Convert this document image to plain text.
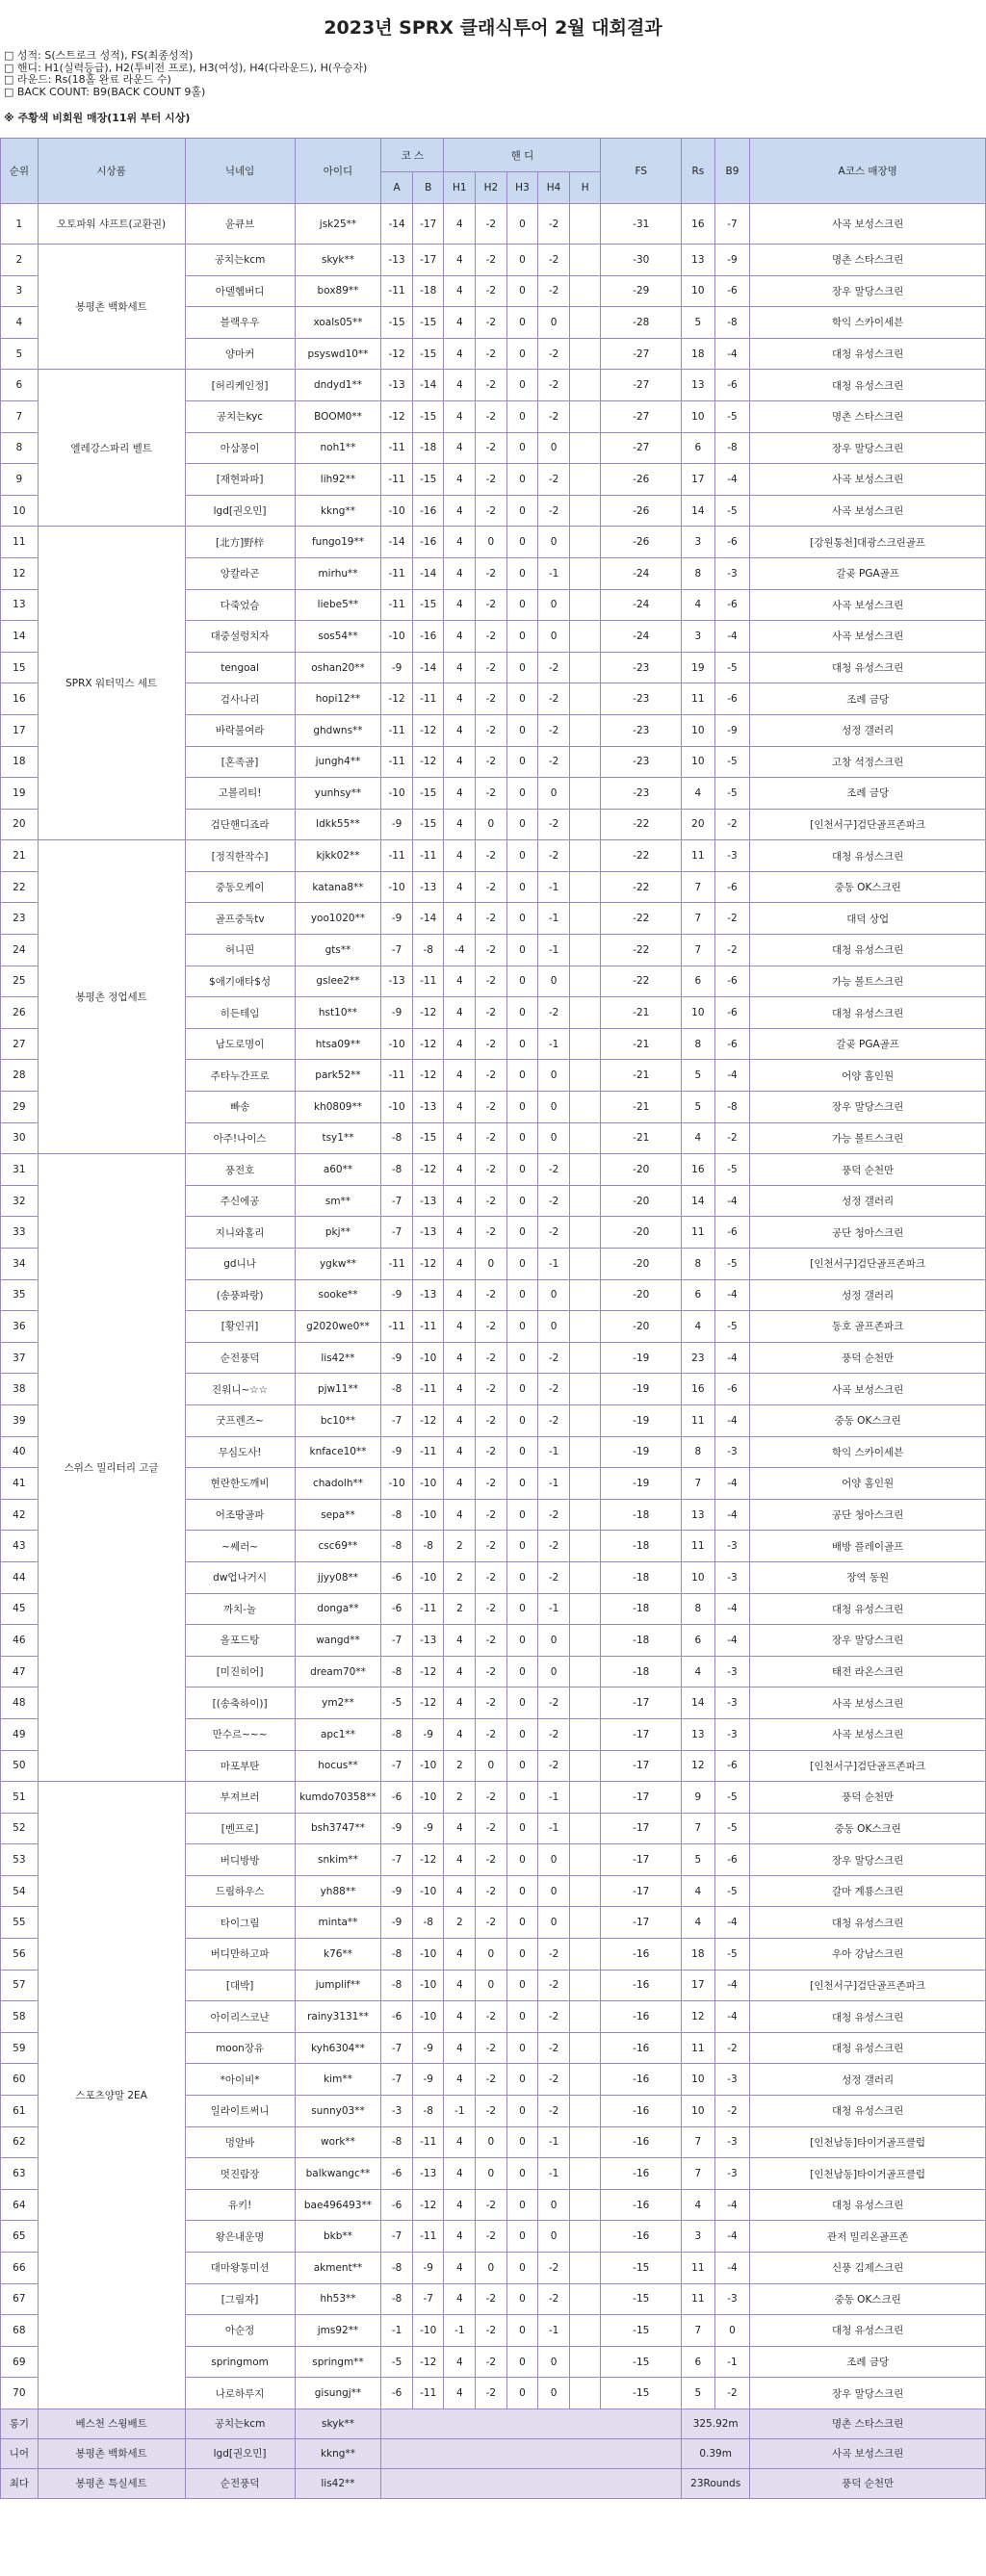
2023년 SPRX 클래식투어 2월 대회결과
□ 성적: S(스트로크 성적), FS(최종성적)
□ 핸디: H1(실력등급), H2(투비전 프로), H3(여성), H4(다라운드), H(우승자)
□ 라운드: Rs(18홀 완료 라운드 수)
□ BACK COUNT: B9(BACK COUNT 9홀)
※ 주황색 비회원 매장(11위 부터 시상)
순위	시상품	닉네임	아이디	코 스		핸 디					FS	Rs	B9	A코스 매장명
				A	B	H1	H2	H3	H4	H				
1	오토파워 샤프트(교환권)	윤큐브	jsk25**	-14	-17	4	-2	0	-2		-31	16	-7	사곡 보성스크린
2	봉평촌 백화세트	공치는kcm	skyk**	-13	-17	4	-2	0	-2		-30	13	-9	명촌 스타스크린
3		아델헴버디	box89**	-11	-18	4	-2	0	-2		-29	10	-6	장우 말당스크린
4		블랙우우	xoals05**	-15	-15	4	-2	0	0		-28	5	-8	학익 스카이세븐
5		양마커	psyswd10**	-12	-15	4	-2	0	-2		-27	18	-4	대청 유성스크린
6	엘레강스파리 벨트	[허리케인정]	dndyd1**	-13	-14	4	-2	0	-2		-27	13	-6	대청 유성스크린
7		공치는kyc	BOOM0**	-12	-15	4	-2	0	-2		-27	10	-5	명촌 스타스크린
8		아삼몽이	noh1**	-11	-18	4	-2	0	0		-27	6	-8	장우 말당스크린
9		[재현파파]	lih92**	-11	-15	4	-2	0	-2		-26	17	-4	사곡 보성스크린
10		lgd[권오민]	kkng**	-10	-16	4	-2	0	-2		-26	14	-5	사곡 보성스크린
11	SPRX 워터믹스 세트	[北方]野梓	fungo19**	-14	-16	4	0	0	0		-26	3	-6	[강원통천]대광스크린골프
12		앙칼라곤	mirhu**	-11	-14	4	-2	0	-1		-24	8	-3	갈곶 PGA골프
13		다죽었슴	liebe5**	-11	-15	4	-2	0	0		-24	4	-6	사곡 보성스크린
14		대중설렁치자	sos54**	-10	-16	4	-2	0	0		-24	3	-4	사곡 보성스크린
15		tengoal	oshan20**	-9	-14	4	-2	0	-2		-23	19	-5	대청 유성스크린
16		검사나리	hopi12**	-12	-11	4	-2	0	-2		-23	11	-6	조례 금당
17		바락불여라	ghdwns**	-11	-12	4	-2	0	-2		-23	10	-9	성정 갤러리
18		[혼족골]	jungh4**	-11	-12	4	-2	0	-2		-23	10	-5	고창 석정스크린
19		고볼리티!	yunhsy**	-10	-15	4	-2	0	0		-23	4	-5	조례 금당
20		검단핸디죠라	ldkk55**	-9	-15	4	0	0	-2		-22	20	-2	[인천서구]검단골프존파크
21	봉평촌 정업세트	[정직한작수]	kjkk02**	-11	-11	4	-2	0	-2		-22	11	-3	대청 유성스크린
22		중동오케이	katana8**	-10	-13	4	-2	0	-1		-22	7	-6	중동 OK스크린
23		골프중독tv	yoo1020**	-9	-14	4	-2	0	-1		-22	7	-2	대덕 상업
24		허니핀	gts**	-7	-8	-4	-2	0	-1		-22	7	-2	대청 유성스크린
25		$애기애타$성	gslee2**	-13	-11	4	-2	0	0		-22	6	-6	가능 볼트스크린
26		히든테임	hst10**	-9	-12	4	-2	0	-2		-21	10	-6	대청 유성스크린
27		남도로명이	htsa09**	-10	-12	4	-2	0	-1		-21	8	-6	갈곶 PGA골프
28		주타누간프로	park52**	-11	-12	4	-2	0	0		-21	5	-4	어양 홈인원
29		빠송	kh0809**	-10	-13	4	-2	0	0		-21	5	-8	장우 말당스크린
30		아주!나이스	tsy1**	-8	-15	4	-2	0	0		-21	4	-2	가능 볼트스크린
31	스위스 밀리터리 고글	풍전호	a60**	-8	-12	4	-2	0	-2		-20	16	-5	풍덕 순천만
32		주신에공	sm**	-7	-13	4	-2	0	-2		-20	14	-4	성정 갤러리
33		지니와홀리	pkj**	-7	-13	4	-2	0	-2		-20	11	-6	공단 청아스크린
34		gd니나	ygkw**	-11	-12	4	0	0	-1		-20	8	-5	[인천서구]검단골프존파크
35		(송풍파랑)	sooke**	-9	-13	4	-2	0	0		-20	6	-4	성정 갤러리
36		[황인귀]	g2020we0**	-11	-11	4	-2	0	0		-20	4	-5	동호 골프존파크
37		순전풍덕	lis42**	-9	-10	4	-2	0	-2		-19	23	-4	풍덕 순천만
38		진워니~☆☆	pjw11**	-8	-11	4	-2	0	-2		-19	16	-6	사곡 보성스크린
39		굿프렌즈~	bc10**	-7	-12	4	-2	0	-2		-19	11	-4	중동 OK스크린
40		무심도사!	knface10**	-9	-11	4	-2	0	-1		-19	8	-3	학익 스카이세븐
41		현란한도깨비	chadolh**	-10	-10	4	-2	0	-1		-19	7	-4	어양 홈인원
42		어조땅골파	sepa**	-8	-10	4	-2	0	-2		-18	13	-4	공단 청아스크린
43		~쎄러~	csc69**	-8	-8	2	-2	0	-2		-18	11	-3	배방 플레이골프
44		dw업나거시	jjyy08**	-6	-10	2	-2	0	-2		-18	10	-3	장역 동원
45		까치-놀	donga**	-6	-11	2	-2	0	-1		-18	8	-4	대청 유성스크린
46		올포드탕	wangd**	-7	-13	4	-2	0	0		-18	6	-4	장우 말당스크린
47		[미진히어]	dream70**	-8	-12	4	-2	0	0		-18	4	-3	태전 라온스크린
48		[(송축하이)]	ym2**	-5	-12	4	-2	0	-2		-17	14	-3	사곡 보성스크린
49		만수르~~~	apc1**	-8	-9	4	-2	0	-2		-17	13	-3	사곡 보성스크린
50		마포부탄	hocus**	-7	-10	2	0	0	-2		-17	12	-6	[인천서구]검단골프존파크
51	스포츠양말 2EA	부져브러	kumdo70358**	-6	-10	2	-2	0	-1		-17	9	-5	풍덕 순천만
52		[벤프로]	bsh3747**	-9	-9	4	-2	0	-1		-17	7	-5	중동 OK스크린
53		버디방방	snkim**	-7	-12	4	-2	0	0		-17	5	-6	장우 말당스크린
54		드림하우스	yh88**	-9	-10	4	-2	0	0		-17	4	-5	갈마 계룡스크린
55		타이그림	minta**	-9	-8	2	-2	0	0		-17	4	-4	대청 유성스크린
56		버디만하고파	k76**	-8	-10	4	0	0	-2		-16	18	-5	우아 강남스크린
57		[대박]	jumplif**	-8	-10	4	0	0	-2		-16	17	-4	[인천서구]검단골프존파크
58		아이리스코난	rainy3131**	-6	-10	4	-2	0	-2		-16	12	-4	대청 유성스크린
59		moon장유	kyh6304**	-7	-9	4	-2	0	-2		-16	11	-2	대청 유성스크린
60		*아이비*	kim**	-7	-9	4	-2	0	-2		-16	10	-3	성정 갤러리
61		일라이트써니	sunny03**	-3	-8	-1	-2	0	-2		-16	10	-2	대청 유성스크린
62		멍알바	work**	-8	-11	4	0	0	-1		-16	7	-3	[인천남동]타이거골프클럽
63		멋진람장	balkwangc**	-6	-13	4	0	0	-1		-16	7	-3	[인천남동]타이거골프클럽
64		유키!	bae496493**	-6	-12	4	-2	0	0		-16	4	-4	대청 유성스크린
65		왕은내운명	bkb**	-7	-11	4	-2	0	0		-16	3	-4	관저 밀리온골프존
66		대마왕통미션	akment**	-8	-9	4	0	0	-2		-15	11	-4	신풍 김제스크린
67		[그림자]	hh53**	-8	-7	4	-2	0	-2		-15	11	-3	중동 OK스크린
68		아순정	jms92**	-1	-10	-1	-2	0	-1		-15	7	0	대청 유성스크린
69		springmom	springm**	-5	-12	4	-2	0	0		-15	6	-1	조례 금당
70		나로하루지	gisungj**	-6	-11	4	-2	0	0		-15	5	-2	장우 말당스크린
롱기	베스천 스윙배트	공치는kcm	skyk**									325.92m		명촌 스타스크린
니어	봉평촌 백화세트	lgd[권오민]	kkng**									0.39m		사곡 보성스크린
최다	봉평촌 특실세트	순전풍덕	lis42**									23Rounds		풍덕 순천만
